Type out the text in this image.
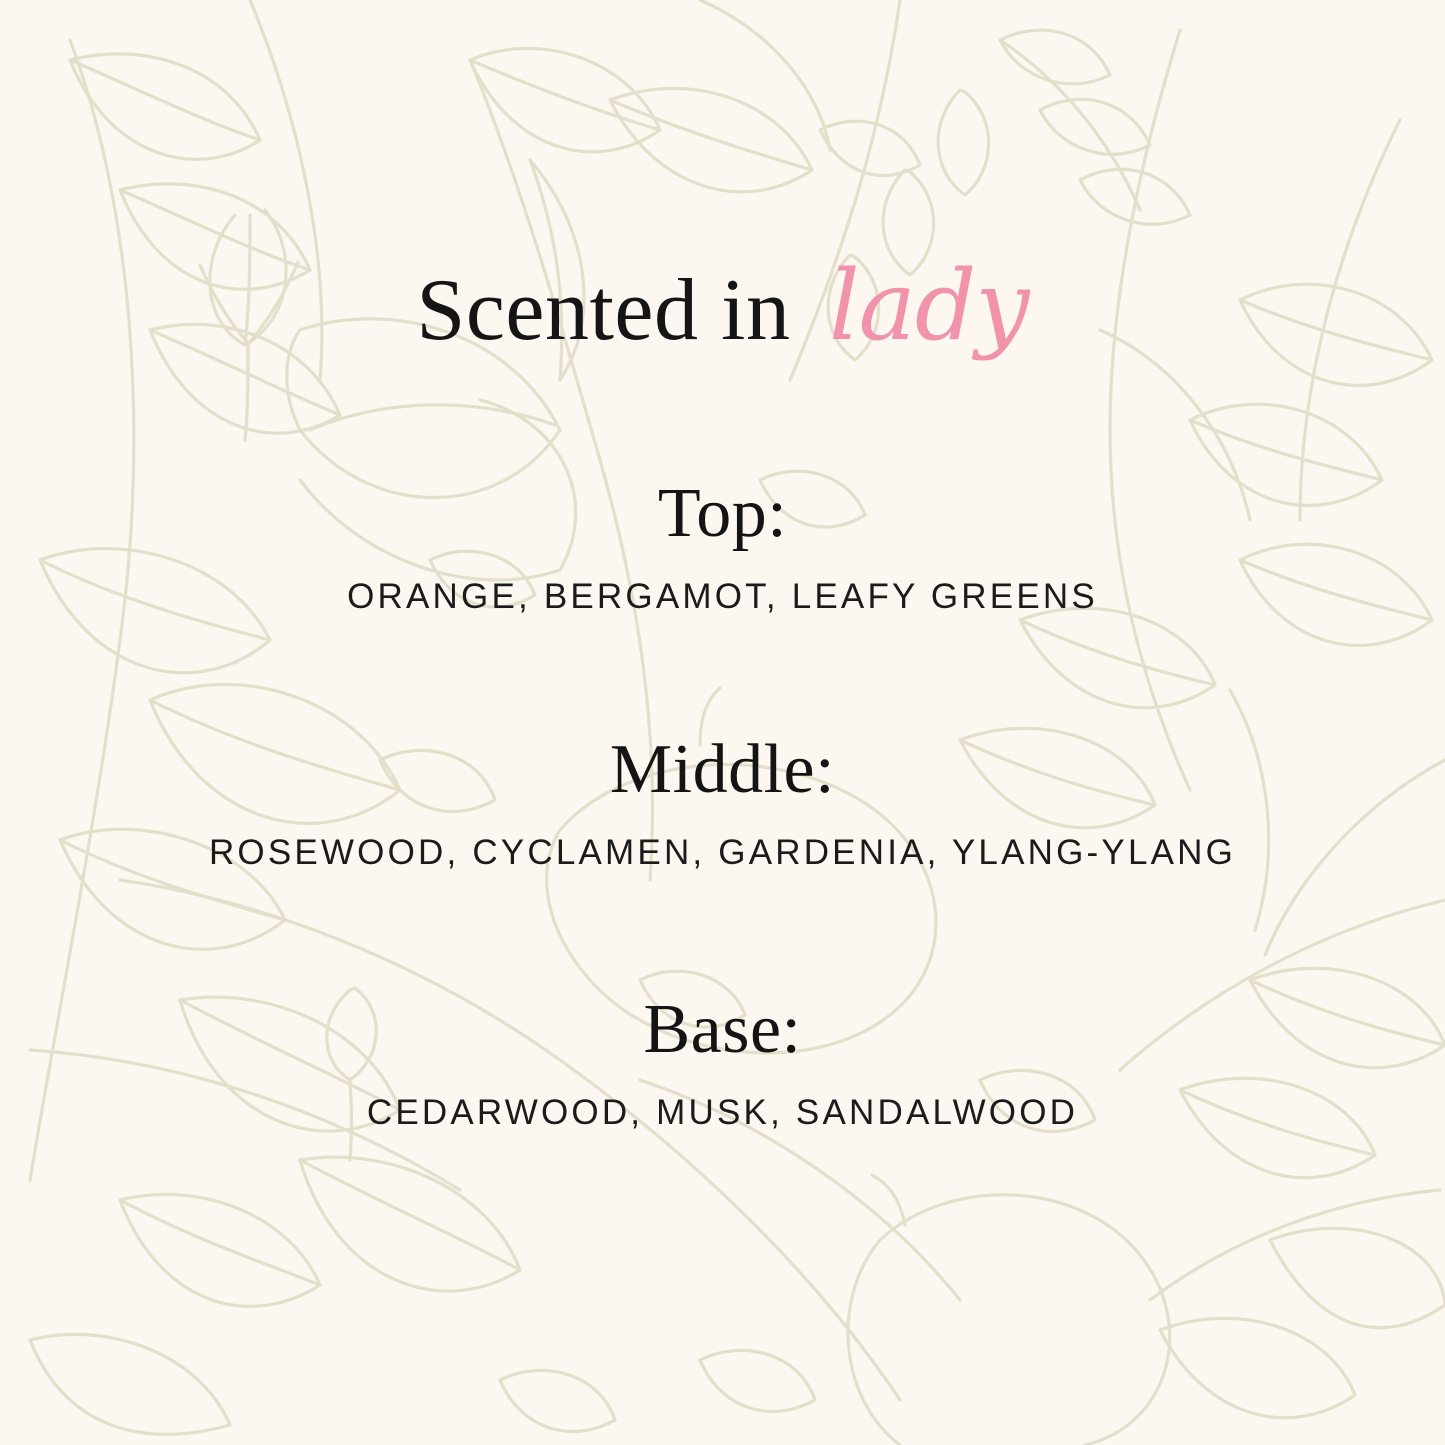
Scented in lady
Top:
ORANGE, BERGAMOT, LEAFY GREENS
Middle:
ROSEWOOD, CYCLAMEN, GARDENIA, YLANG-YLANG
Base:
CEDARWOOD, MUSK, SANDALWOOD
